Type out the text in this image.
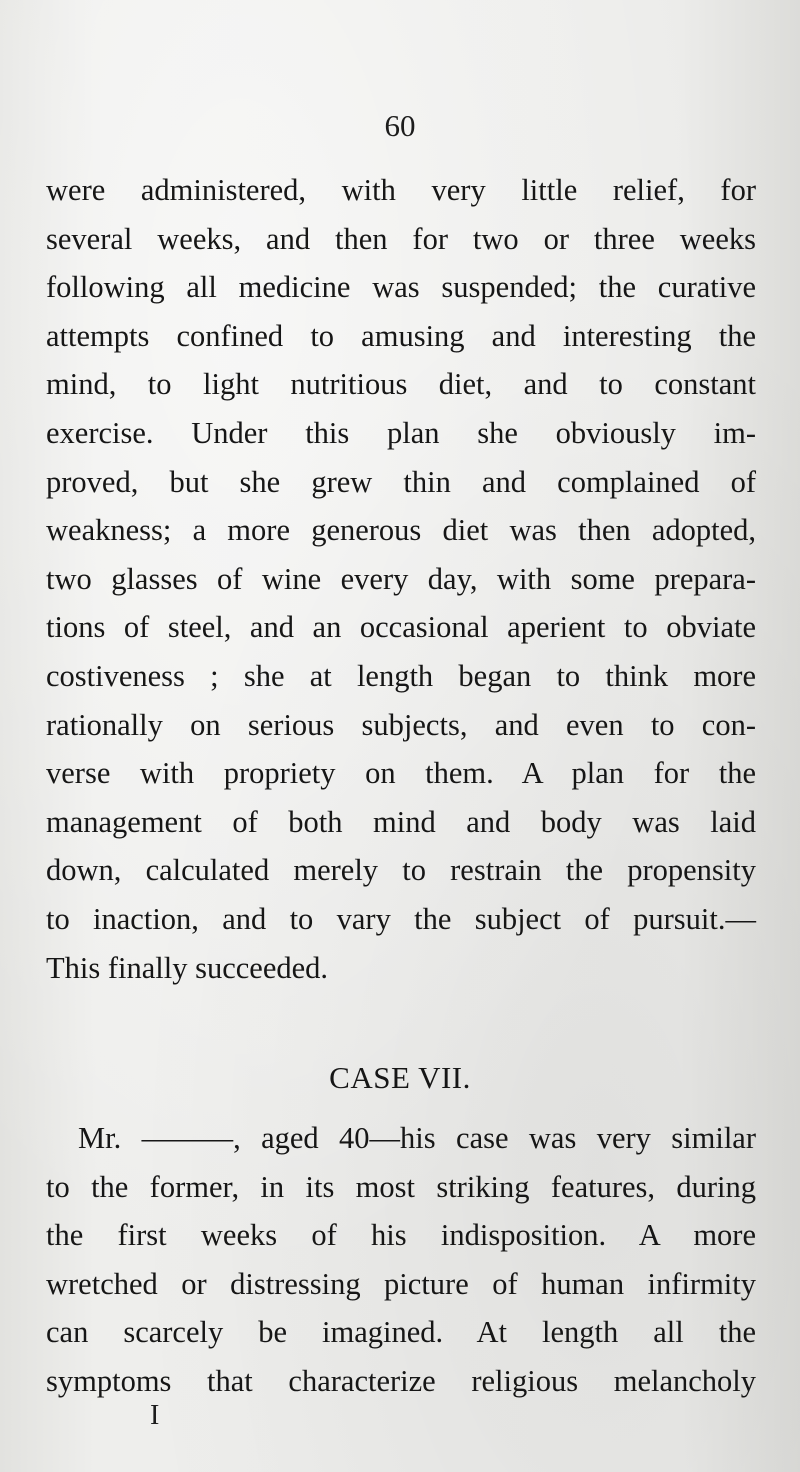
60
were administered, with very little relief, for
several weeks, and then for two or three weeks
following all medicine was suspended; the curative
attempts confined to amusing and interesting the
mind, to light nutritious diet, and to constant
exercise. Under this plan she obviously im-
proved, but she grew thin and complained of
weakness; a more generous diet was then adopted,
two glasses of wine every day, with some prepara-
tions of steel, and an occasional aperient to obviate
costiveness ; she at length began to think more
rationally on serious subjects, and even to con-
verse with propriety on them. A plan for the
management of both mind and body was laid
down, calculated merely to restrain the propensity
to inaction, and to vary the subject of pursuit.—
This finally succeeded.
CASE VII.
Mr. ———, aged 40—his case was very similar
to the former, in its most striking features, during
the first weeks of his indisposition. A more
wretched or distressing picture of human infirmity
can scarcely be imagined. At length all the
symptoms that characterize religious melancholy
I
